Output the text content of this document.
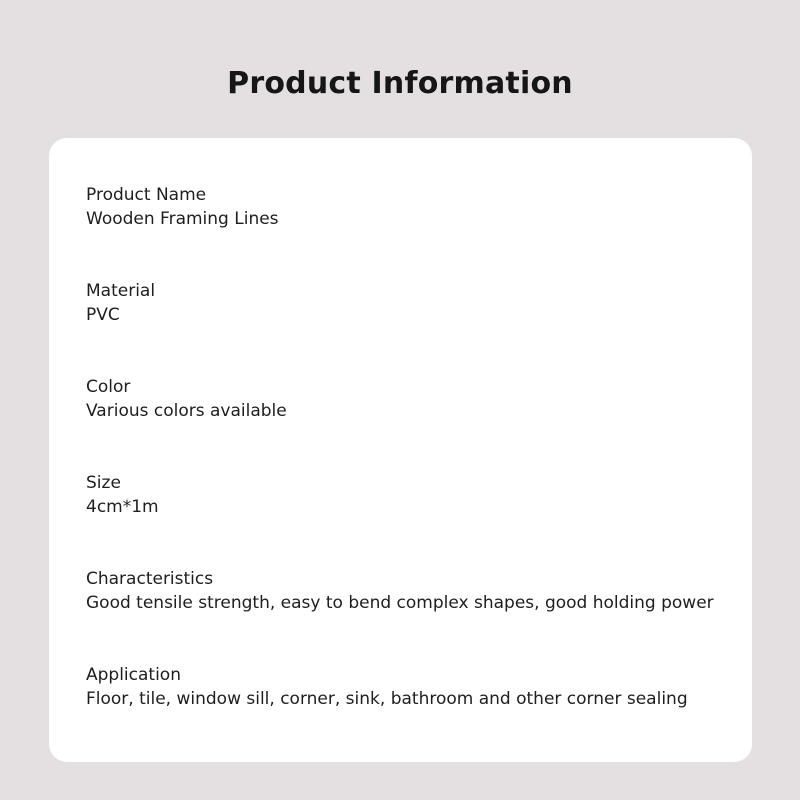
Product Information
Product Name
Wooden Framing Lines
Material
PVC
Color
Various colors available
Size
4cm*1m
Characteristics
Good tensile strength, easy to bend complex shapes, good holding power
Application
Floor, tile, window sill, corner, sink, bathroom and other corner sealing
